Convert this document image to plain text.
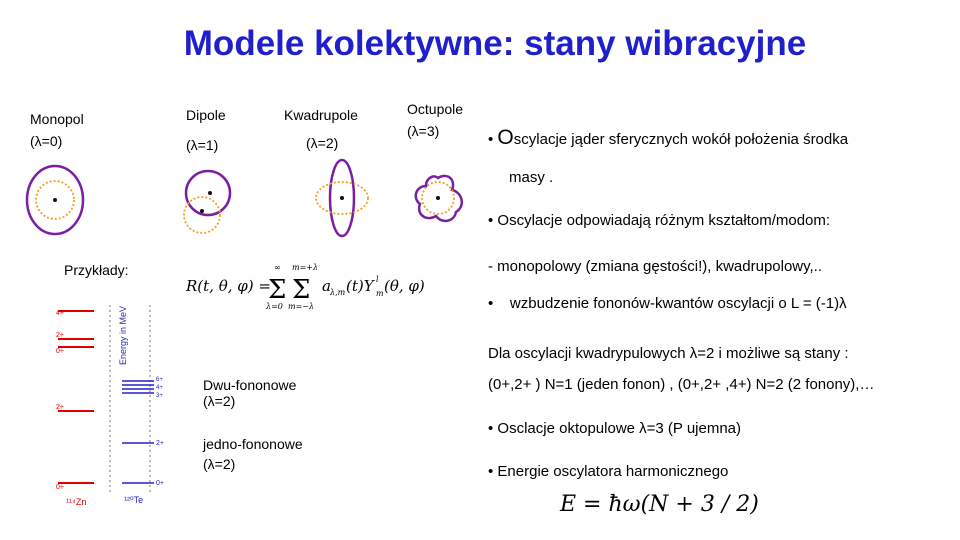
Modele kolektywne: stany wibracyjne
Monopol
(λ=0)
Dipole
(λ=1)
Kwadrupole
(λ=2)
Octupole
(λ=3)
Przykłady:
R(t, θ, φ) =
∞
Σ
λ=0
m=+λ
Σ
m=−λ
a λ,m (t)Y l
m (θ, φ)
Energy in MeV
4+
2+
0+
2+
0+
6+
4+
3+
2+
0+
¹¹⁴Zn	¹²⁰Te
Dwu-fononowe
(λ=2)
jedno-fononowe
(λ=2)
• Oscylacje jąder sferycznych wokół położenia środka
masy .
• Oscylacje odpowiadają różnym kształtom/modom:
- monopolowy (zmiana gęstości!), kwadrupolowy,..
•    wzbudzenie fononów-kwantów oscylacji o L = (-1)λ
Dla oscylacji kwadrypulowych λ=2 i możliwe są stany :
(0+,2+ ) N=1 (jeden fonon) , (0+,2+ ,4+) N=2 (2 fonony),…
• Osclacje oktopulowe λ=3 (P ujemna)
• Energie oscylatora harmonicznego
E = ħω(N + 3 / 2)
